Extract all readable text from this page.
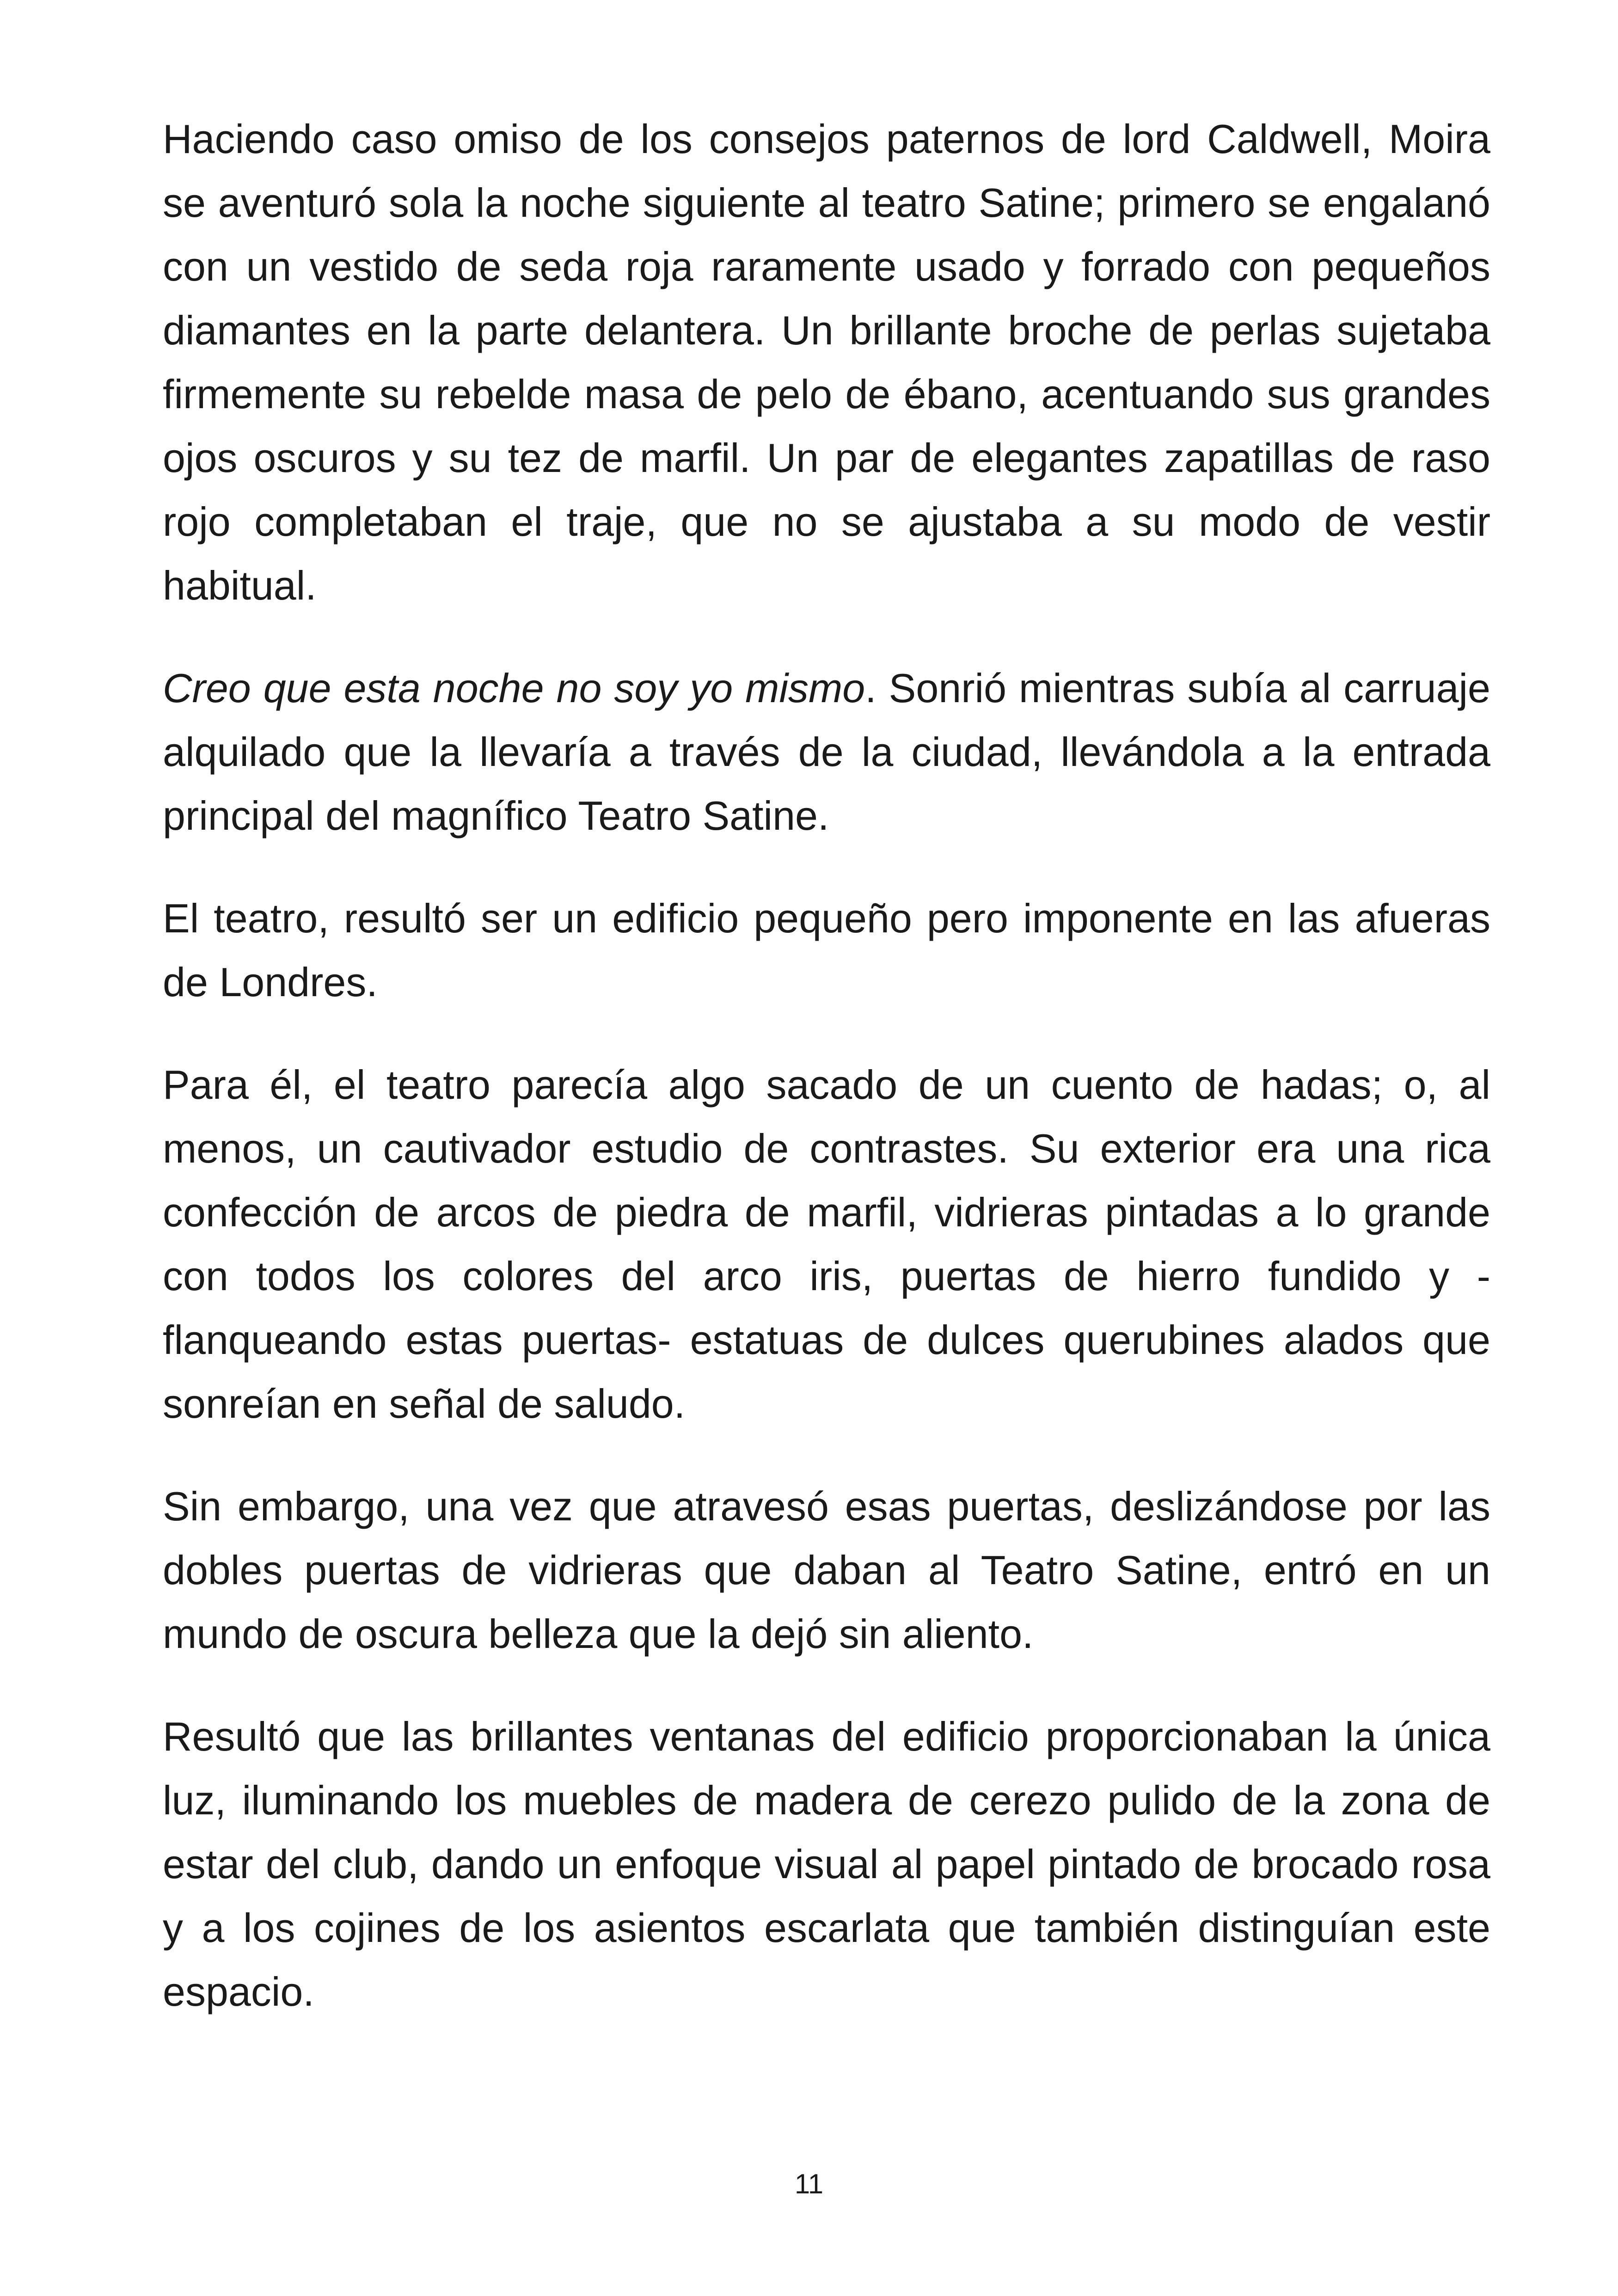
Haciendo caso omiso de los consejos paternos de lord Caldwell, Moira se aventuró sola la noche siguiente al teatro Satine; primero se engalanó con un vestido de seda roja raramente usado y forrado con pequeños diamantes en la parte delantera. Un brillante broche de perlas sujetaba firmemente su rebelde masa de pelo de ébano, acentuando sus grandes ojos oscuros y su tez de marfil. Un par de elegantes zapatillas de raso rojo completaban el traje, que no se ajustaba a su modo de vestir habitual.

Creo que esta noche no soy yo mismo. Sonrió mientras subía al carruaje alquilado que la llevaría a través de la ciudad, llevándola a la entrada principal del magnífico Teatro Satine.

El teatro, resultó ser un edificio pequeño pero imponente en las afueras de Londres.

Para él, el teatro parecía algo sacado de un cuento de hadas; o, al menos, un cautivador estudio de contrastes. Su exterior era una rica confección de arcos de piedra de marfil, vidrieras pintadas a lo grande con todos los colores del arco iris, puertas de hierro fundido y -flanqueando estas puertas- estatuas de dulces querubines alados que sonreían en señal de saludo.

Sin embargo, una vez que atravesó esas puertas, deslizándose por las dobles puertas de vidrieras que daban al Teatro Satine, entró en un mundo de oscura belleza que la dejó sin aliento.

Resultó que las brillantes ventanas del edificio proporcionaban la única luz, iluminando los muebles de madera de cerezo pulido de la zona de estar del club, dando un enfoque visual al papel pintado de brocado rosa y a los cojines de los asientos escarlata que también distinguían este espacio.

11
